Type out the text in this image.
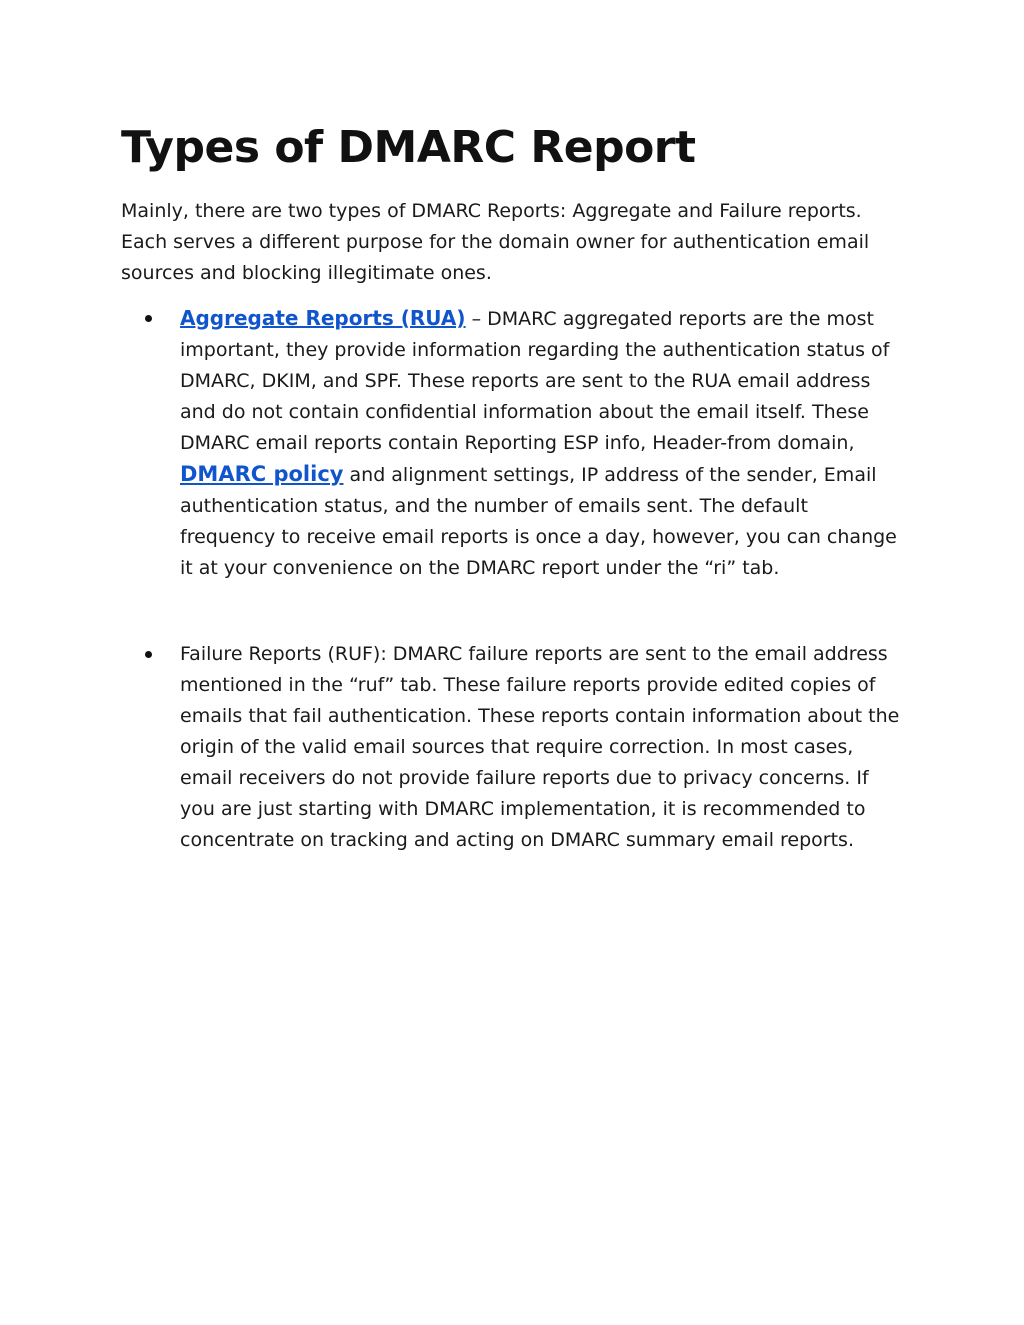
Types of DMARC Report

Mainly, there are two types of DMARC Reports: Aggregate and Failure reports. Each serves a different purpose for the domain owner for authentication email sources and blocking illegitimate ones.

Aggregate Reports (RUA) – DMARC aggregated reports are the most important, they provide information regarding the authentication status of DMARC, DKIM, and SPF. These reports are sent to the RUA email address and do not contain confidential information about the email itself. These DMARC email reports contain Reporting ESP info, Header-from domain, DMARC policy and alignment settings, IP address of the sender, Email authentication status, and the number of emails sent. The default frequency to receive email reports is once a day, however, you can change it at your convenience on the DMARC report under the “ri” tab.
Failure Reports (RUF): DMARC failure reports are sent to the email address mentioned in the “ruf” tab. These failure reports provide edited copies of emails that fail authentication. These reports contain information about the origin of the valid email sources that require correction. In most cases, email receivers do not provide failure reports due to privacy concerns. If you are just starting with DMARC implementation, it is recommended to concentrate on tracking and acting on DMARC summary email reports.
